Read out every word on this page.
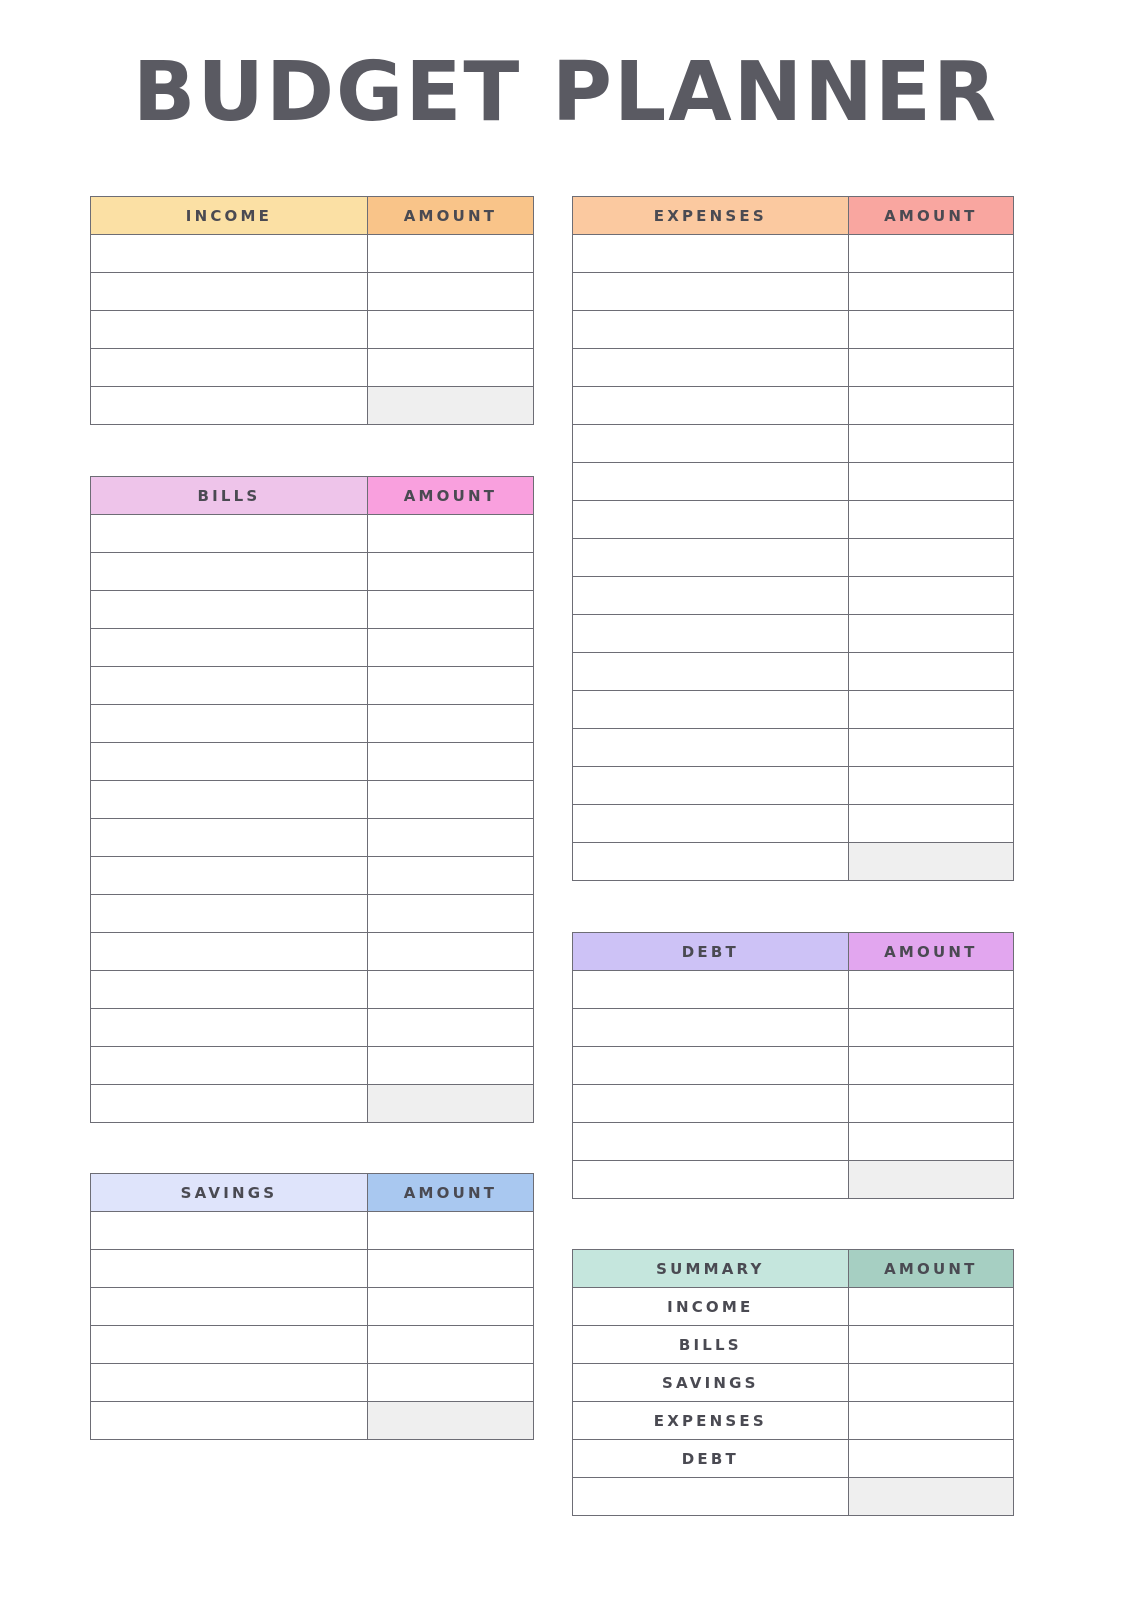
BUDGET PLANNER
INCOME	AMOUNT

BILLS	AMOUNT

SAVINGS	AMOUNT

EXPENSES	AMOUNT

DEBT	AMOUNT

SUMMARY	AMOUNT
INCOME	
BILLS	
SAVINGS	
EXPENSES	
DEBT	
